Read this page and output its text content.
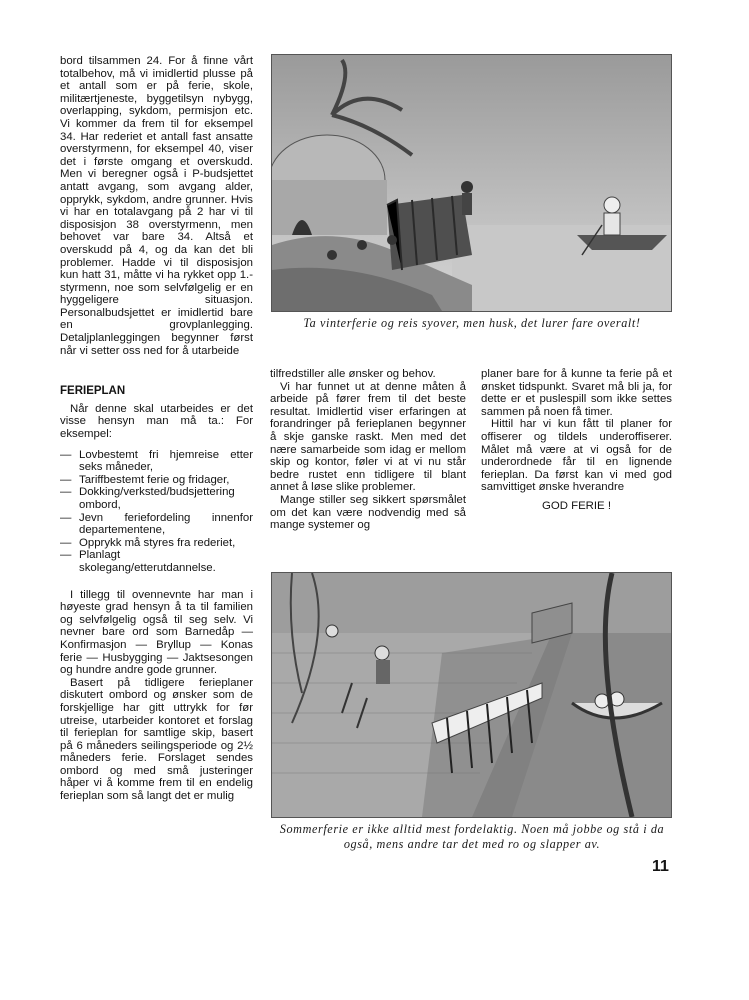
bord tilsammen 24. For å finne vårt totalbehov, må vi imidlertid plusse på et antall som er på ferie, skole, militærtjeneste, byggetilsyn nybygg, overlapping, sykdom, permisjon etc. Vi kommer da frem til for eksempel 34. Har rederiet et antall fast ansatte overstyrmenn, for eksempel 40, viser det i første omgang et overskudd. Men vi beregner også i P-budsjettet antatt avgang, som avgang alder, opprykk, sykdom, andre grunner. Hvis vi har en totalavgang på 2 har vi til disposisjon 38 overstyrmenn, men behovet var bare 34. Altså et overskudd på 4, og da kan det bli problemer. Hadde vi til disposisjon kun hatt 31, måtte vi ha rykket opp 1.-styrmenn, noe som selvfølgelig er en hyggeligere situasjon. Personalbudsjettet er imidlertid bare en grovplanlegging. Detaljplanleggingen begynner først når vi setter oss ned for å utarbeide

FERIEPLAN

Når denne skal utarbeides er det visse hensyn man må ta.: For eksempel:

— Lovbestemt fri hjemreise etter seks måneder,
— Tariffbestemt ferie og fridager,
— Dokking/verksted/budsjettering ombord,
— Jevn feriefordeling innenfor departementene,
— Opprykk må styres fra rederiet,
— Planlagt skolegang/etterutdannelse.

I tillegg til ovennevnte har man i høyeste grad hensyn å ta til familien og selvfølgelig også til seg selv. Vi nevner bare ord som Barnedåp — Konfirmasjon — Bryllup — Konas ferie — Husbygging — Jaktsesongen og hundre andre gode grunner.

Basert på tidligere ferieplaner diskutert ombord og ønsker som de forskjellige har gitt uttrykk for før utreise, utarbeider kontoret et forslag til ferieplan for samtlige skip, basert på 6 måneders seilingsperiode og 2½ måneders ferie. Forslaget sendes ombord og med små justeringer håper vi å komme frem til en endelig ferieplan som så langt det er mulig

Ta vinterferie og reis syover, men husk, det lurer fare overalt!

tilfredstiller alle ønsker og behov.

Vi har funnet ut at denne måten å arbeide på fører frem til det beste resultat. Imidlertid viser erfaringen at forandringer på ferieplanen begynner å skje ganske raskt. Men med det nære samarbeide som idag er mellom skip og kontor, føler vi at vi nu står bedre rustet enn tidligere til blant annet å løse slike problemer.

Mange stiller seg sikkert spørsmålet om det kan være nodvendig med så mange systemer og

planer bare for å kunne ta ferie på et ønsket tidspunkt. Svaret må bli ja, for dette er et puslespill som ikke settes sammen på noen få timer.

Hittil har vi kun fått til planer for offiserer og tildels underoffiserer. Målet må være at vi også for de underordnede får til en lignende ferieplan. Da først kan vi med god samvittiget ønske hverandre

GOD FERIE !

Sommerferie er ikke alltid mest fordelaktig. Noen må jobbe og stå i da også, mens andre tar det med ro og slapper av.
11
